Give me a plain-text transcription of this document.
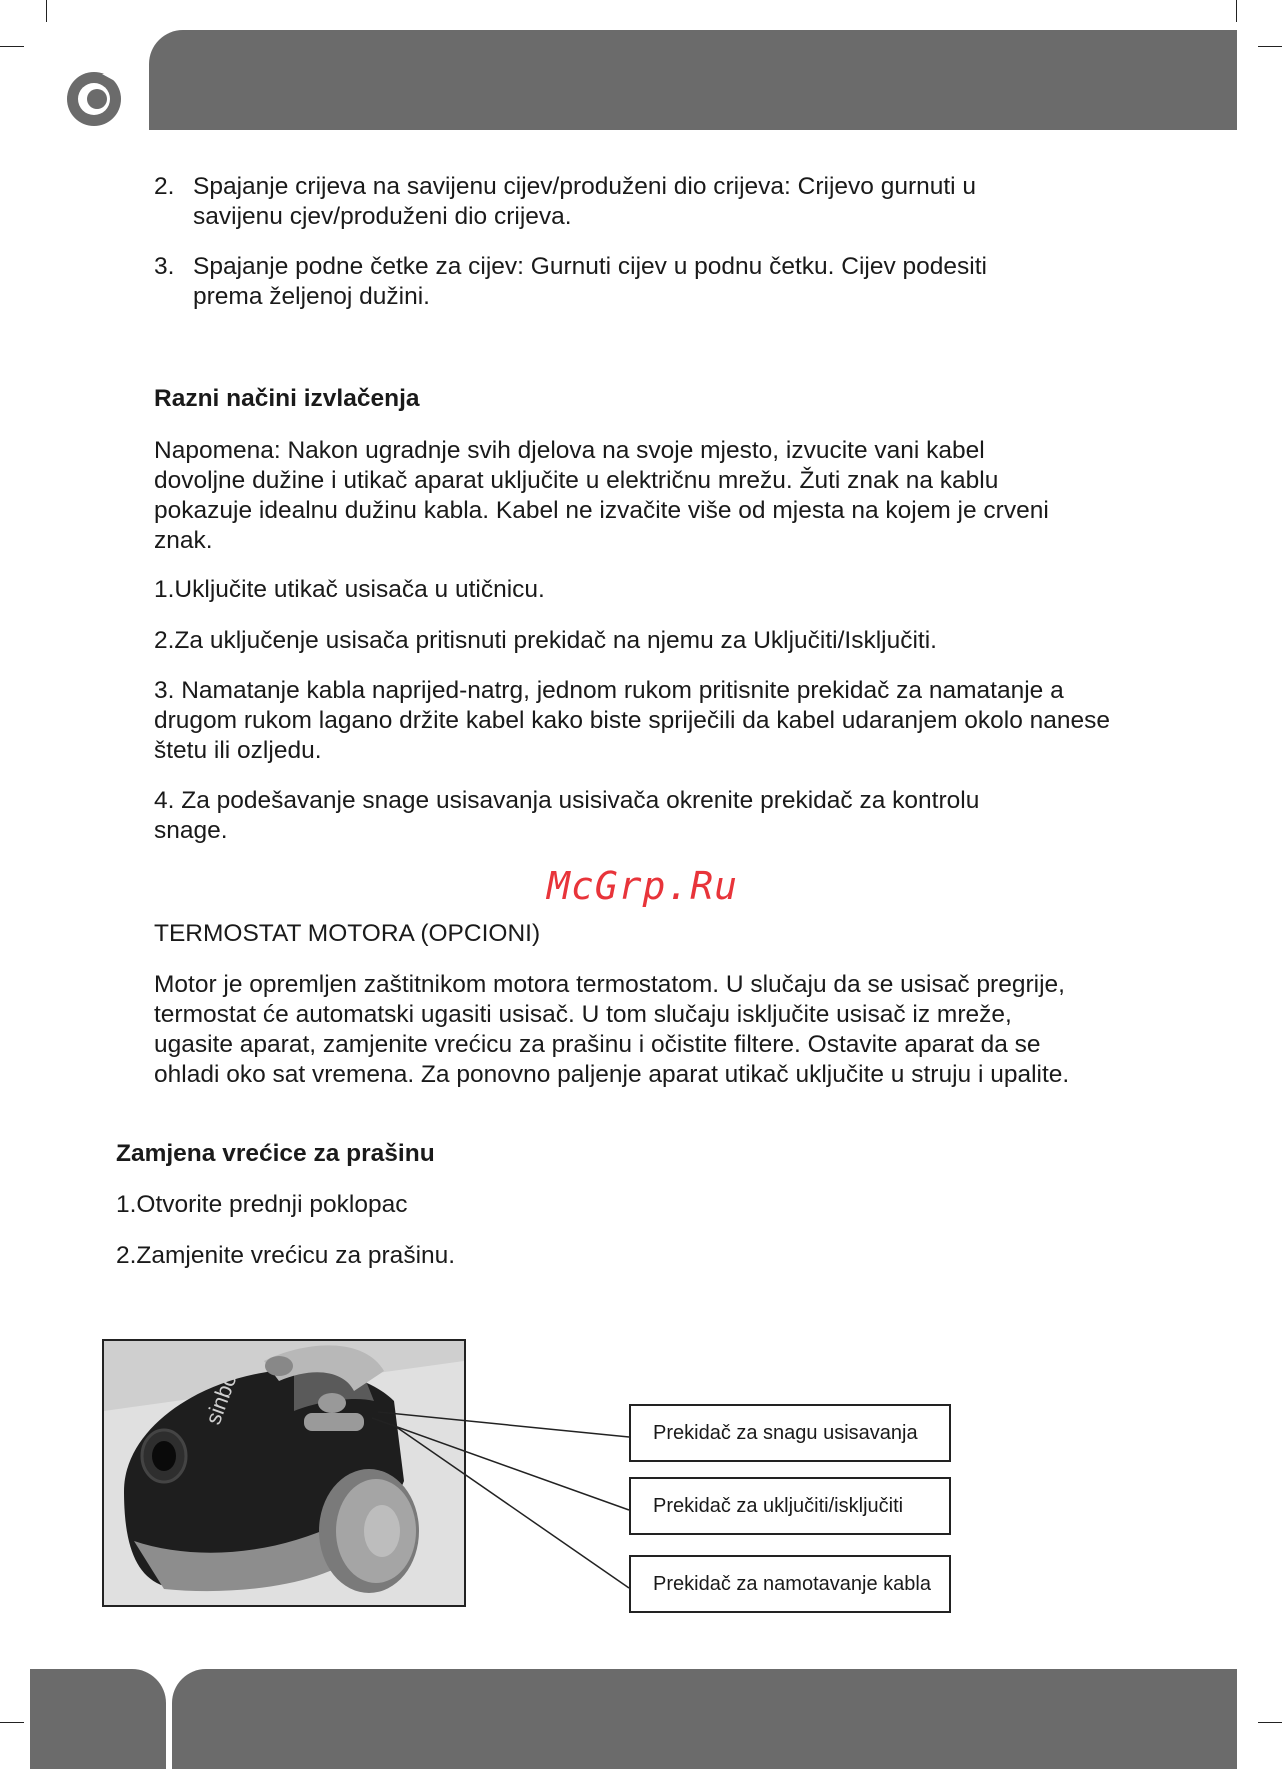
2. Spajanje crijeva na savijenu cijev/produženi dio crijeva: Crijevo gurnuti u savijenu cjev/produženi dio crijeva.
3. Spajanje podne četke za cijev: Gurnuti cijev u podnu četku. Cijev podesiti prema željenoj dužini.

Razni načini izvlačenja

Napomena: Nakon ugradnje svih djelova na svoje mjesto, izvucite vani kabel dovoljne dužine i utikač aparat uključite u električnu mrežu. Žuti znak na kablu pokazuje idealnu dužinu kabla. Kabel ne izvačite više od mjesta na kojem je crveni znak.

1.Uključite utikač usisača u utičnicu.

2.Za uključenje usisača pritisnuti prekidač na njemu za Uključiti/Isključiti.

3. Namatanje kabla naprijed-natrg, jednom rukom pritisnite prekidač za namatanje a drugom rukom lagano držite kabel kako biste spriječili da kabel udaranjem okolo nanese štetu ili ozljedu.

4. Za podešavanje snage usisavanja usisivača okrenite prekidač za kontrolu snage.

McGrp.Ru

TERMOSTAT MOTORA (OPCIONI)

Motor je opremljen zaštitnikom motora termostatom. U slučaju da se usisač pregrije, termostat će automatski ugasiti usisač. U tom slučaju isključite usisač iz mreže, ugasite aparat, zamjenite vrećicu za prašinu i očistite filtere. Ostavite aparat da se ohladi oko sat vremena. Za ponovno paljenje aparat utikač uključite u struju i upalite.

Zamjena vrećice za prašinu

1.Otvorite prednji poklopac

2.Zamjenite vrećicu za prašinu.

sinbo
Prekidač za snagu usisavanja
Prekidač za uključiti/isključiti
Prekidač za namotavanje kabla
